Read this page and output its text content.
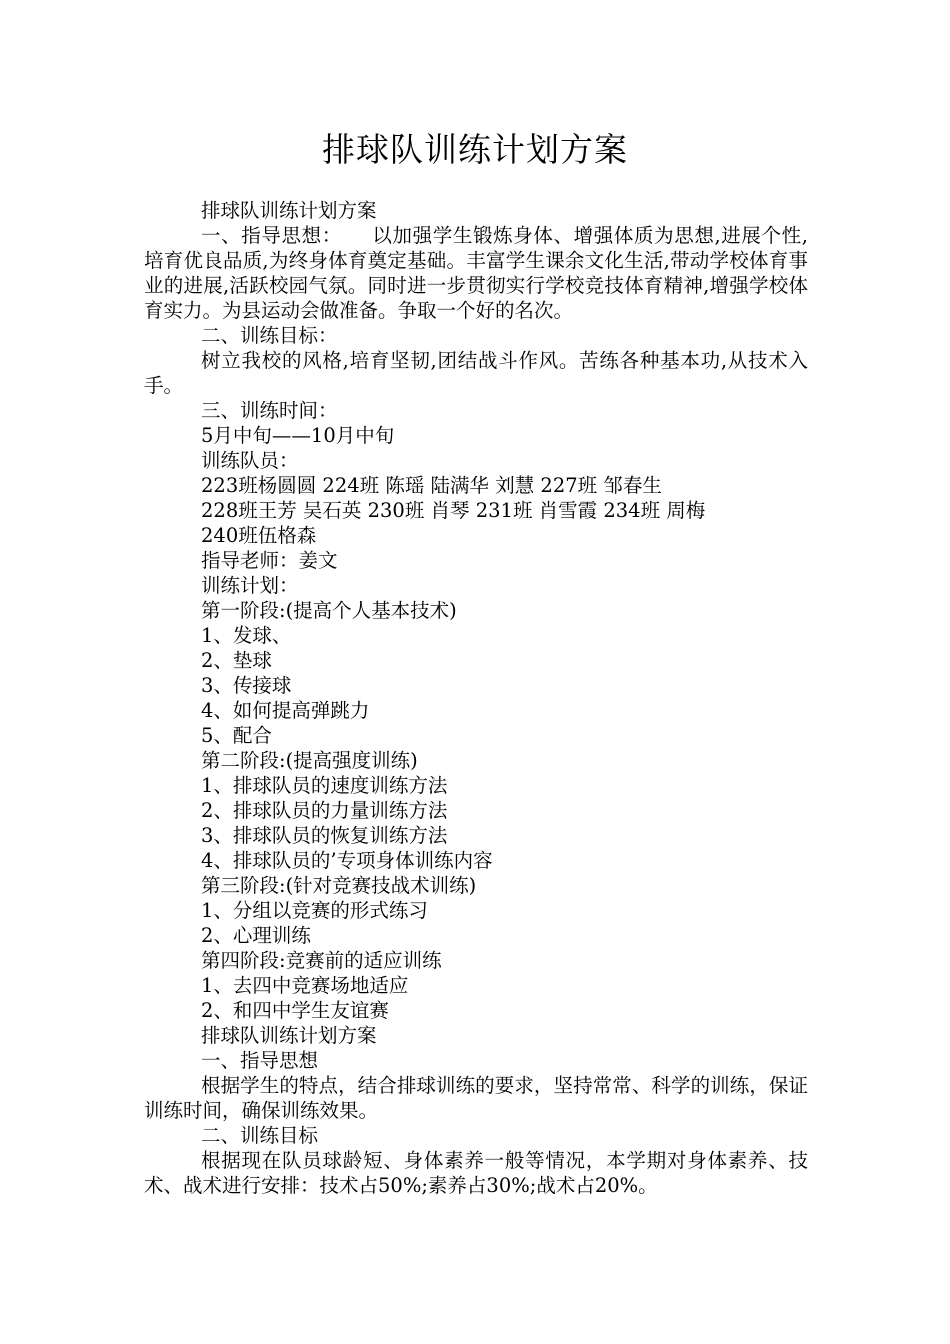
排球队训练计划方案

排球队训练计划方案

一、指导思想：　　以加强学生锻炼身体、增强体质为思想,进展个性,培育优良品质,为终身体育奠定基础。丰富学生课余文化生活,带动学校体育事业的进展,活跃校园气氛。同时进一步贯彻实行学校竞技体育精神,增强学校体育实力。为县运动会做准备。争取一个好的名次。

二、训练目标：

树立我校的风格,培育坚韧,团结战斗作风。苦练各种基本功,从技术入手。

三、训练时间：

5月中旬——10月中旬

训练队员：

223班杨圆圆 224班 陈瑶 陆满华 刘慧 227班 邹春生

228班王芳 吴石英 230班 肖琴 231班 肖雪霞 234班 周梅

240班伍格森

指导老师：姜文

训练计划：

第一阶段:(提高个人基本技术)

1、发球、

2、垫球

3、传接球

4、如何提高弹跳力

5、配合

第二阶段:(提高强度训练)

1、排球队员的速度训练方法

2、排球队员的力量训练方法

3、排球队员的恢复训练方法

4、排球队员的’专项身体训练内容

第三阶段:(针对竞赛技战术训练)

1、分组以竞赛的形式练习

2、心理训练

第四阶段:竞赛前的适应训练

1、去四中竞赛场地适应

2、和四中学生友谊赛

排球队训练计划方案

一、指导思想

根据学生的特点，结合排球训练的要求，坚持常常、科学的训练，保证训练时间，确保训练效果。

二、训练目标

根据现在队员球龄短、身体素养一般等情况，本学期对身体素养、技术、战术进行安排：技术占50%;素养占30%;战术占20%。
